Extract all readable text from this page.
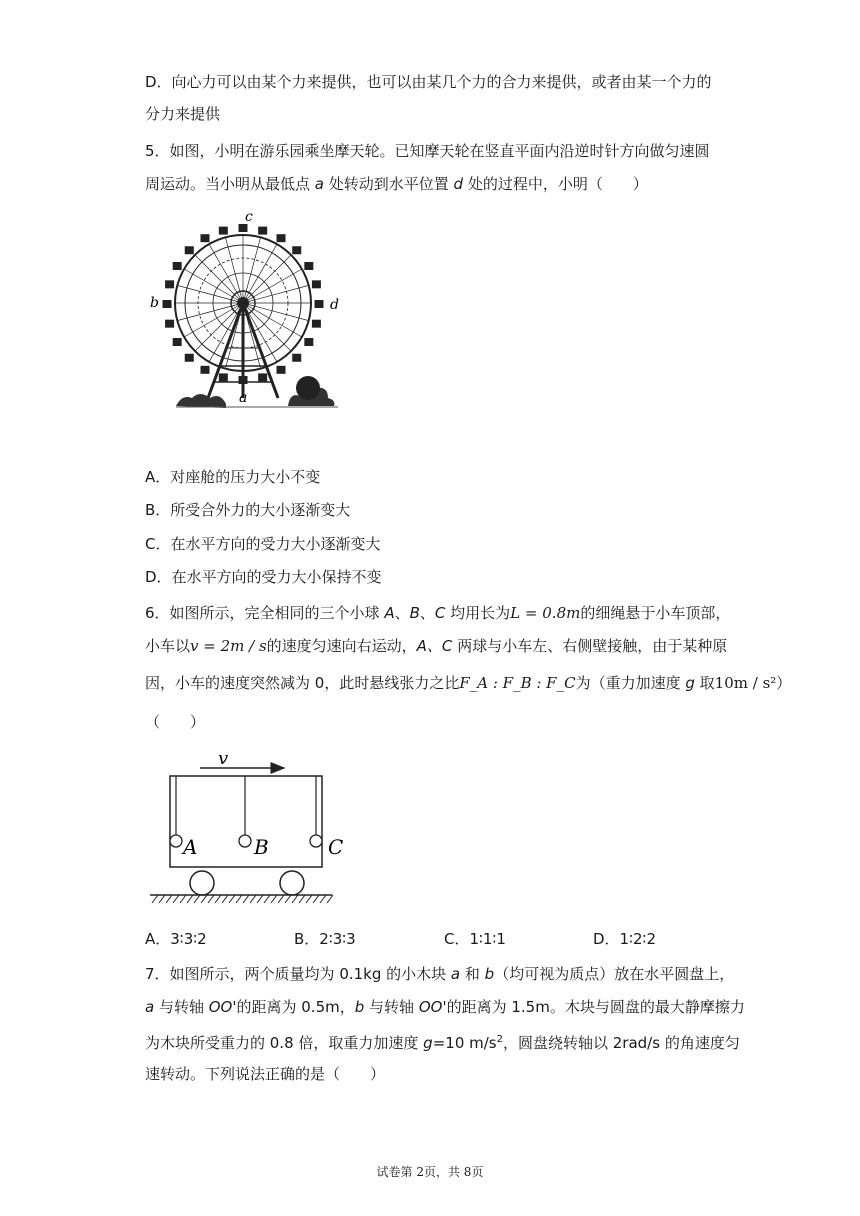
D．向心力可以由某个力来提供，也可以由某几个力的合力来提供，或者由某一个力的
分力来提供
5．如图，小明在游乐园乘坐摩天轮。已知摩天轮在竖直平面内沿逆时针方向做匀速圆
周运动。当小明从最低点 a 处转动到水平位置 d 处的过程中，小明（　　）
c
b	d
a
A．对座舱的压力大小不变
B．所受合外力的大小逐渐变大
C．在水平方向的受力大小逐渐变大
D．在水平方向的受力大小保持不变
6．如图所示，完全相同的三个小球 A、B、C 均用长为L = 0.8m的细绳悬于小车顶部，
小车以v = 2m / s的速度匀速向右运动，A、C 两球与小车左、右侧壁接触，由于某种原
因，小车的速度突然减为 0，此时悬线张力之比F_A : F_B : F_C为（重力加速度 g 取10m / s²）
（　　）
v
A	B	C
A．3∶3∶2	B．2∶3∶3	C．1∶1∶1	D．1∶2∶2
7．如图所示，两个质量均为 0.1kg 的小木块 a 和 b（均可视为质点）放在水平圆盘上，
a 与转轴 OO'的距离为 0.5m，b 与转轴 OO'的距离为 1.5m。木块与圆盘的最大静摩擦力
为木块所受重力的 0.8 倍，取重力加速度 g=10 $m/s^2$，圆盘绕转轴以 2rad/s 的角速度匀
速转动。下列说法正确的是（　　）
试卷第 2页，共 8页
